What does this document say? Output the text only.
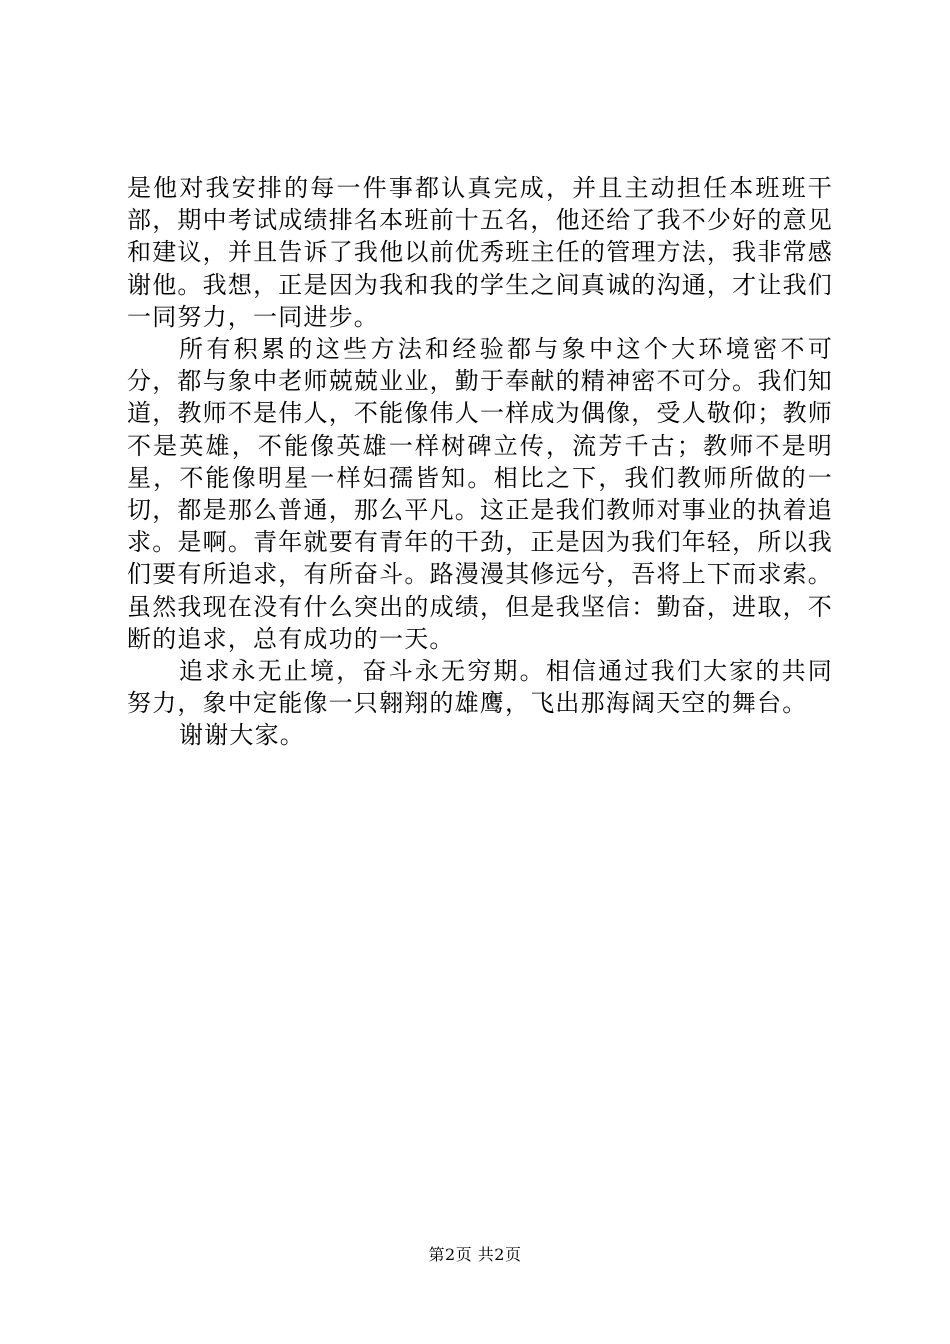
是他对我安排的每一件事都认真完成，并且主动担任本班班干部，期中考试成绩排名本班前十五名，他还给了我不少好的意见和建议，并且告诉了我他以前优秀班主任的管理方法，我非常感谢他。我想，正是因为我和我的学生之间真诚的沟通，才让我们一同努力，一同进步。

所有积累的这些方法和经验都与象中这个大环境密不可分，都与象中老师兢兢业业，勤于奉献的精神密不可分。我们知道，教师不是伟人，不能像伟人一样成为偶像，受人敬仰；教师不是英雄，不能像英雄一样树碑立传，流芳千古；教师不是明星，不能像明星一样妇孺皆知。相比之下，我们教师所做的一切，都是那么普通，那么平凡。这正是我们教师对事业的执着追求。是啊。青年就要有青年的干劲，正是因为我们年轻，所以我们要有所追求，有所奋斗。路漫漫其修远兮，吾将上下而求索。虽然我现在没有什么突出的成绩，但是我坚信：勤奋，进取，不断的追求，总有成功的一天。

追求永无止境，奋斗永无穷期。相信通过我们大家的共同努力，象中定能像一只翱翔的雄鹰，飞出那海阔天空的舞台。

谢谢大家。

第2页 共2页
